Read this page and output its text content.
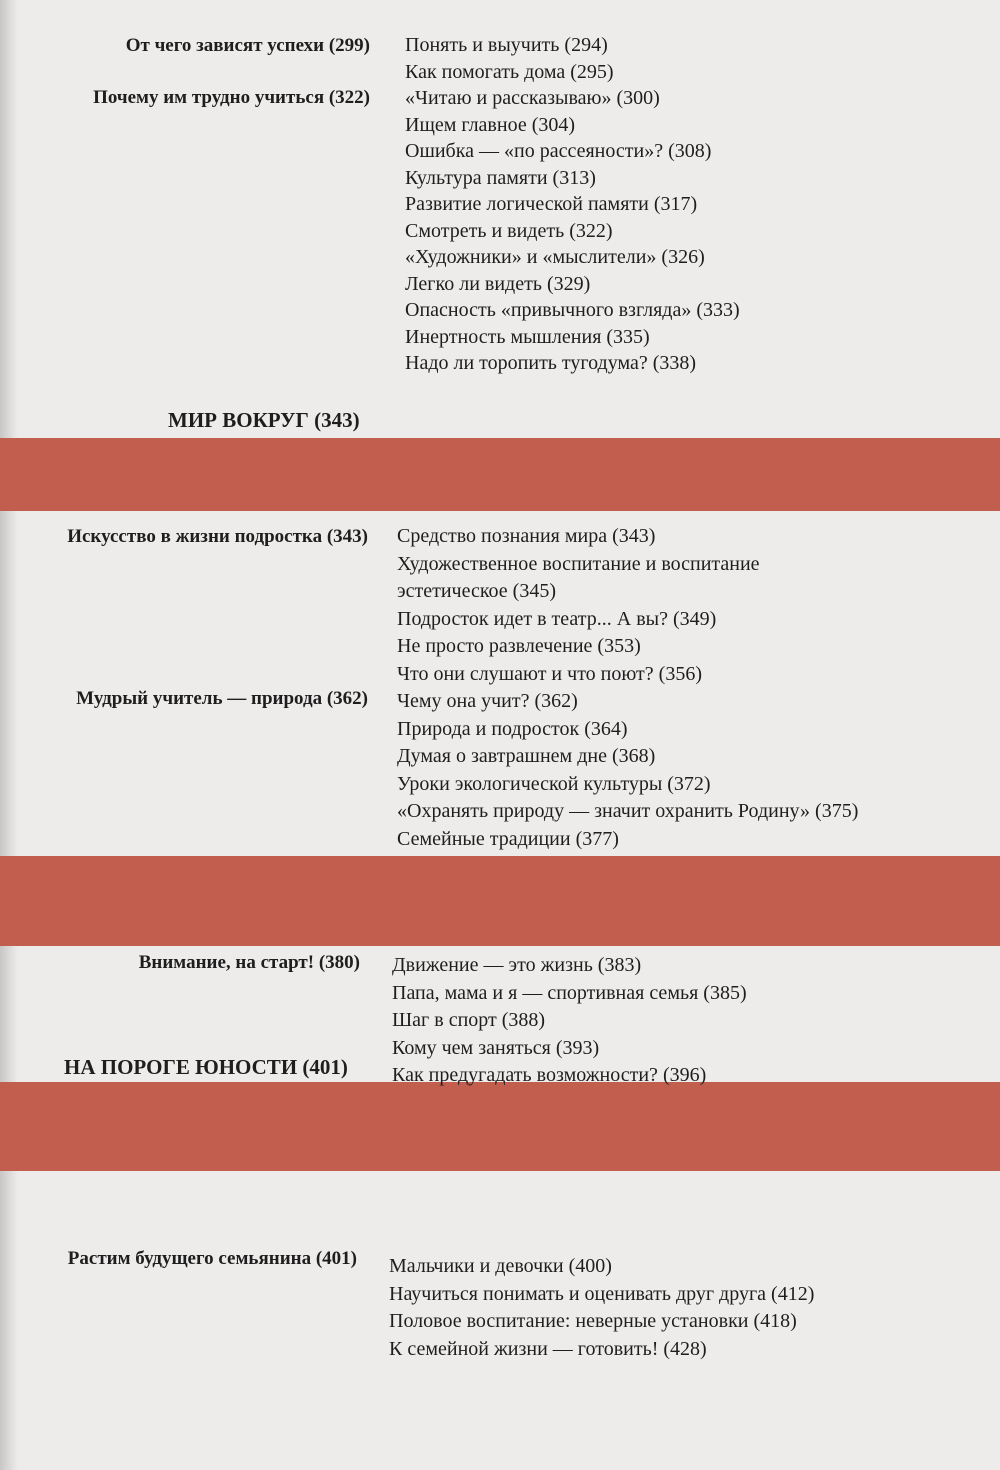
От чего зависят успехи (299)
Почему им трудно учиться (322)
Понять и выучить (294)
Как помогать дома (295)
«Читаю и рассказываю» (300)
Ищем главное (304)
Ошибка — «по рассеяности»? (308)
Культура памяти (313)
Развитие логической памяти (317)
Смотреть и видеть (322)
«Художники» и «мыслители» (326)
Легко ли видеть (329)
Опасность «привычного взгляда» (333)
Инертность мышления (335)
Надо ли торопить тугодума? (338)
МИР ВОКРУГ (343)
Искусство в жизни подростка (343)
Мудрый учитель — природа (362)
Средство познания мира (343)
Художественное воспитание и воспитание
эстетическое (345)
Подросток идет в театр... А вы? (349)
Не просто развлечение (353)
Что они слушают и что поют? (356)
Чему она учит? (362)
Природа и подросток (364)
Думая о завтрашнем дне (368)
Уроки экологической культуры (372)
«Охранять природу — значит охранить Родину» (375)
Семейные традиции (377)
Внимание, на старт! (380)
НА ПОРОГЕ ЮНОСТИ (401)
Движение — это жизнь (383)
Папа, мама и я — спортивная семья (385)
Шаг в спорт (388)
Кому чем заняться (393)
Как предугадать возможности? (396)
Растим будущего семьянина (401) Мальчики и девочки (400)
Научиться понимать и оценивать друг друга (412)
Половое воспитание: неверные установки (418)
К семейной жизни — готовить! (428)
